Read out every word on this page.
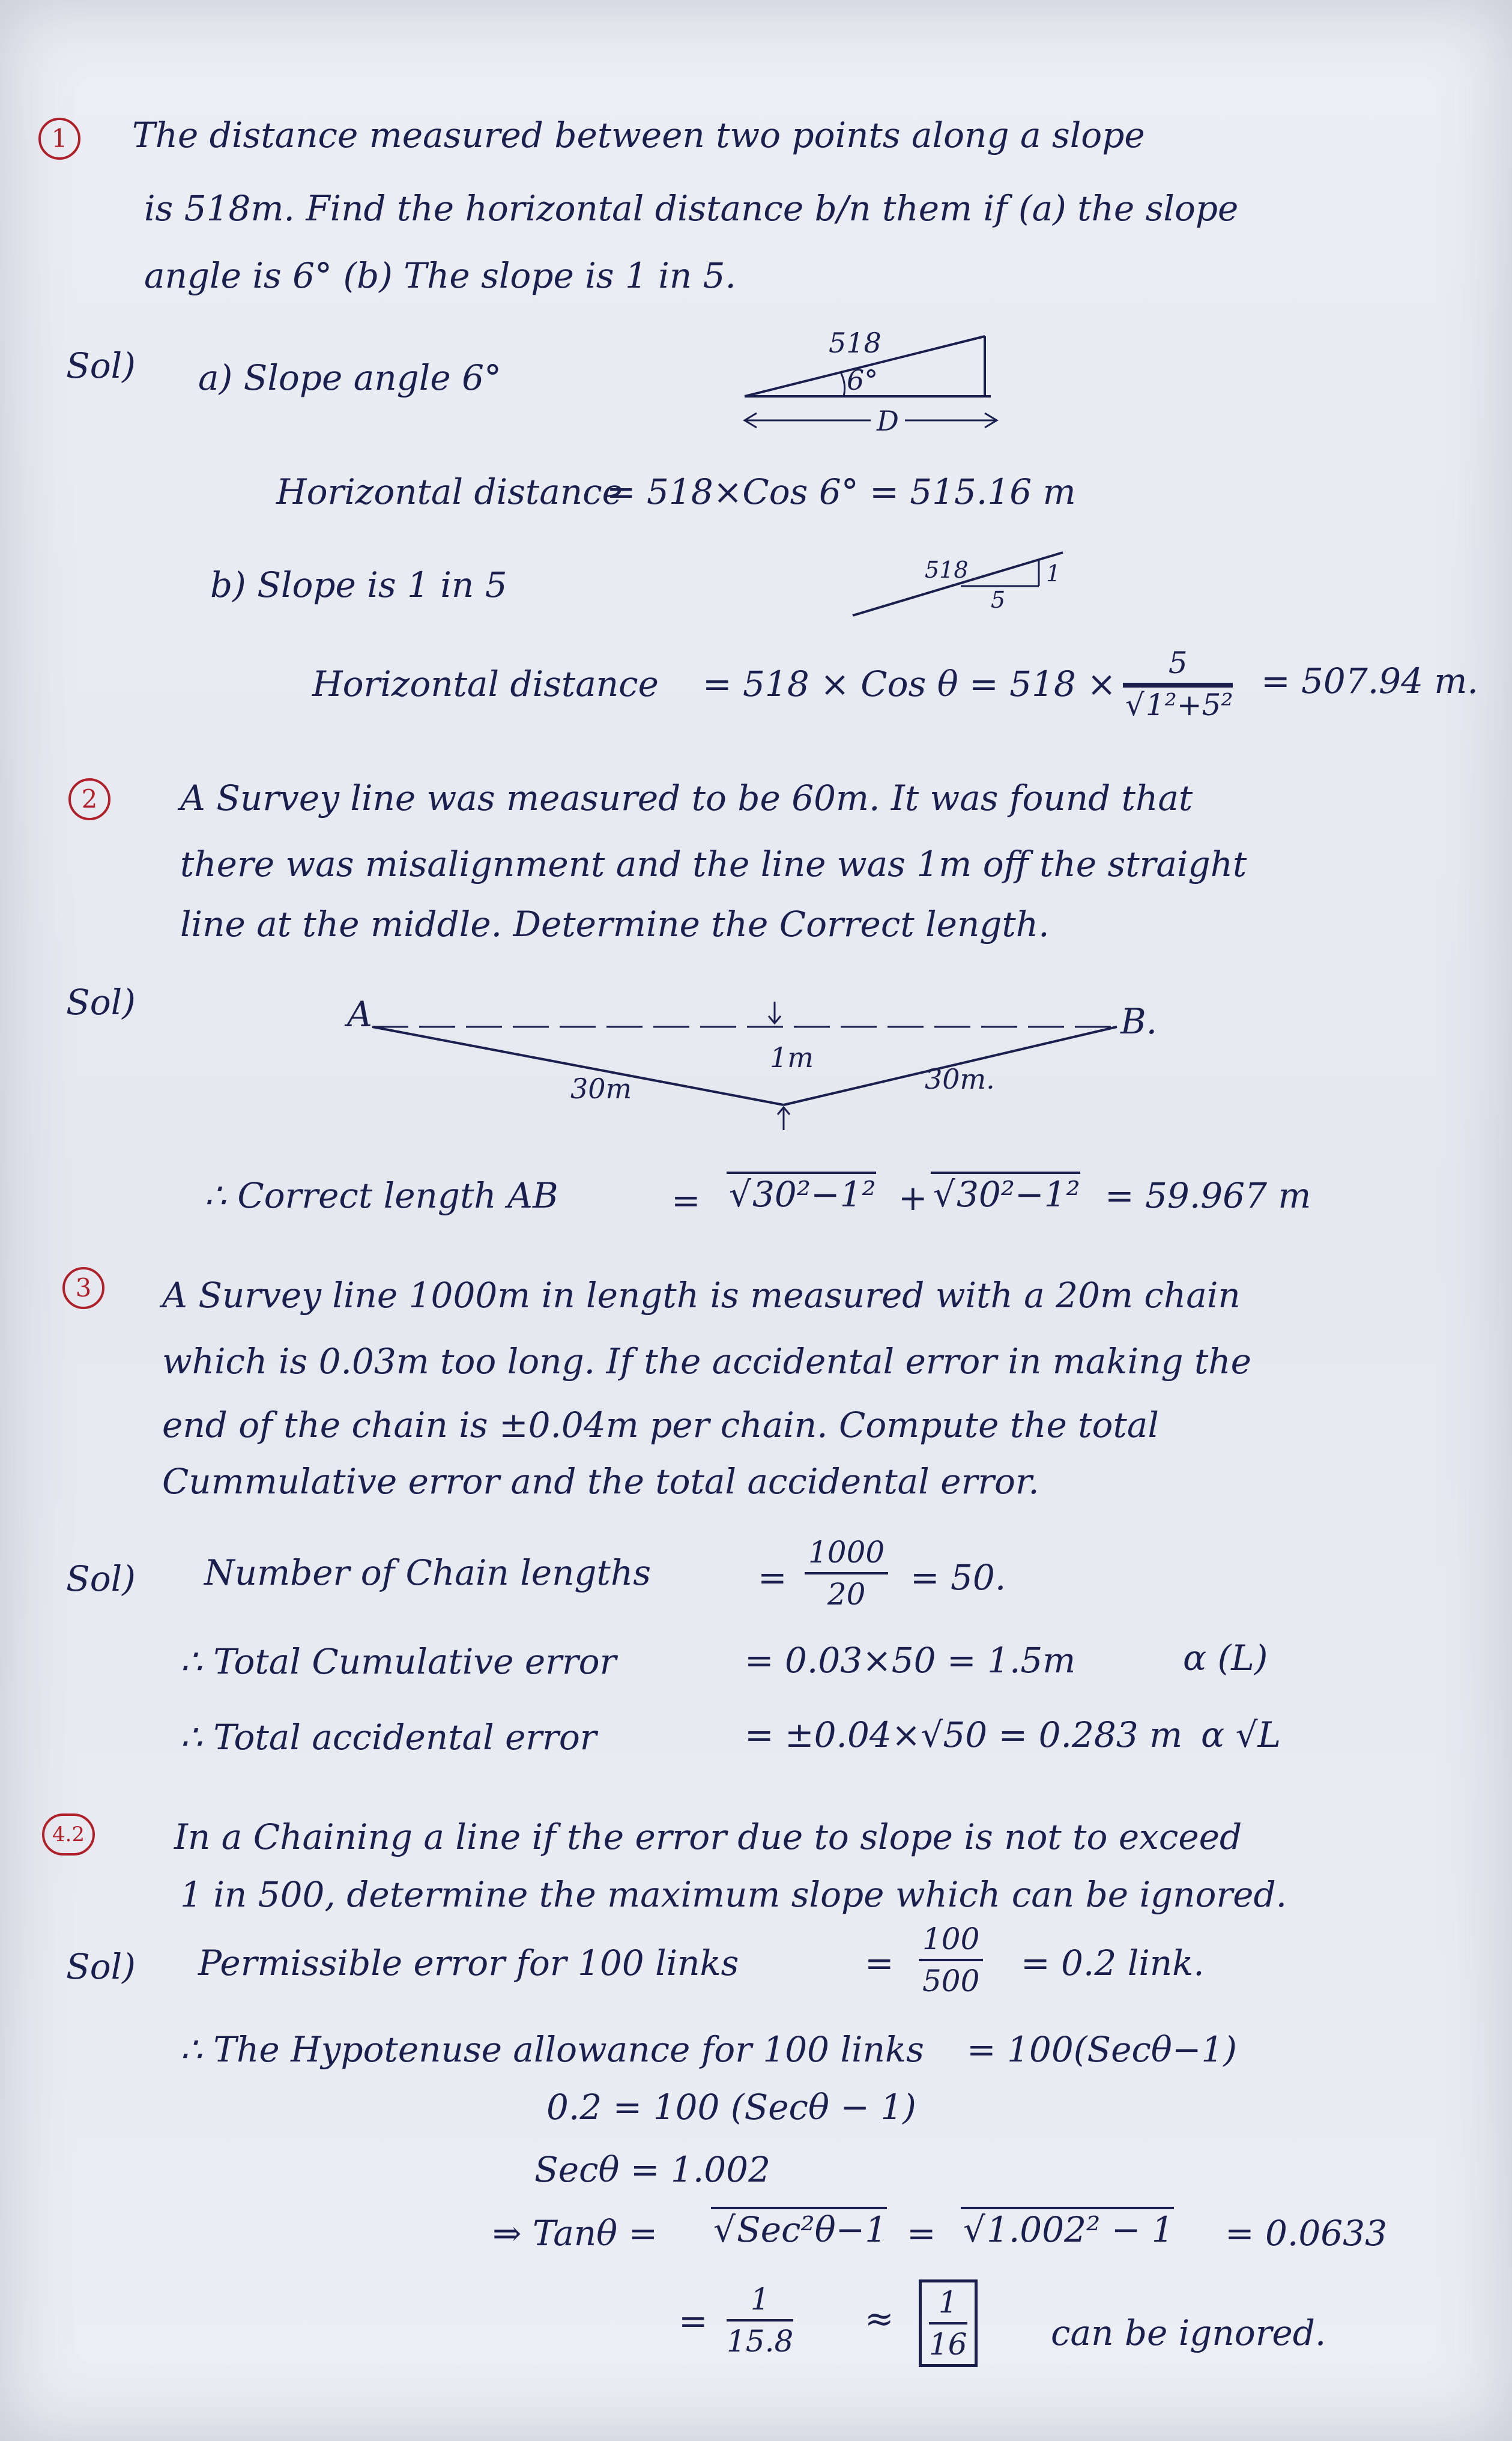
1	The distance measured between two points along a slope
is 518m. Find the horizontal distance b/n them if (a) the slope
angle is 6° (b) The slope is 1 in 5.
Sol) a) Slope angle 6°
518
6°
D
Horizontal distance
= 518×Cos 6° = 515.16 m
b) Slope is 1 in 5	518
5
1
Horizontal distance = 518 × Cos θ = 518 × 5
√ 1²+5² = 507.94 m.
2	A Survey line was measured to be 60m. It was found that
there was misalignment and the line was 1m off the straight
line at the middle. Determine the Correct length.
Sol)	A	B.
1m
30m	30m.
∴ Correct length AB	=	√ 30²−1² + √ 30²−1² = 59.967 m
3	A Survey line 1000m in length is measured with a 20m chain
which is 0.03m too long. If the accidental error in making the
end of the chain is ±0.04m per chain. Compute the total
Cummulative error and the total accidental error.
Sol) Number of Chain lengths	= $\frac{1000}{20} = 50$.
∴ Total Cumulative error	= 0.03×50 = 1.5m	α (L)
∴ Total accidental error	= ±0.04×√50 = 0.283 m α √L
4.2	In a Chaining a line if the error due to slope is not to exceed
1 in 500, determine the maximum slope which can be ignored.
Sol) Permissible error for 100 links	= $\frac{100}{500} = 0.2$ link.
∴ The Hypotenuse allowance for 100 links = 100(Secθ−1)
0.2 = 100 (Secθ − 1)
Secθ = 1.002
⇒ Tanθ =	√ Sec²θ−1 =	√ 1.002² − 1 = 0.0633
= $\frac{1}{15.8} \approx \frac{1}{16}$ can be ignored.
